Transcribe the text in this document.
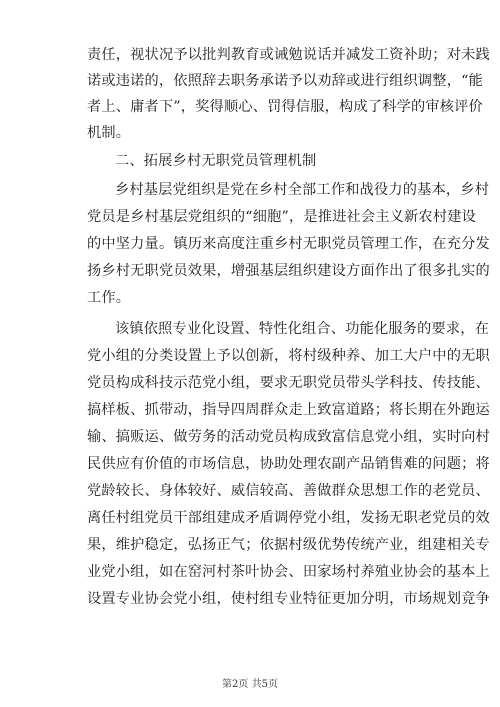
责任，视状况予以批判教育或诫勉说话并减发工资补助；对未践
诺或违诺的，依照辞去职务承诺予以劝辞或进行组织调整，“能
者上、庸者下”，奖得顺心、罚得信服，构成了科学的审核评价
机制。
二、拓展乡村无职党员管理机制
乡村基层党组织是党在乡村全部工作和战役力的基本，乡村
党员是乡村基层党组织的“细胞”，是推进社会主义新农村建设
的中坚力量。镇历来高度注重乡村无职党员管理工作，在充分发
扬乡村无职党员效果，增强基层组织建设方面作出了很多扎实的
工作。
该镇依照专业化设置、特性化组合、功能化服务的要求，在
党小组的分类设置上予以创新，将村级种养、加工大户中的无职
党员构成科技示范党小组，要求无职党员带头学科技、传技能、
搞样板、抓带动，指导四周群众走上致富道路；将长期在外跑运
输、搞贩运、做劳务的活动党员构成致富信息党小组，实时向村
民供应有价值的市场信息，协助处理农副产品销售难的问题；将
党龄较长、身体较好、威信较高、善做群众思想工作的老党员、
离任村组党员干部组建成矛盾调停党小组，发扬无职老党员的效
果，维护稳定，弘扬正气；依据村级优势传统产业，组建相关专
业党小组，如在窑河村茶叶协会、田家场村养殖业协会的基本上
设置专业协会党小组，使村组专业特征更加分明，市场规划竞争
第2页 共5页
